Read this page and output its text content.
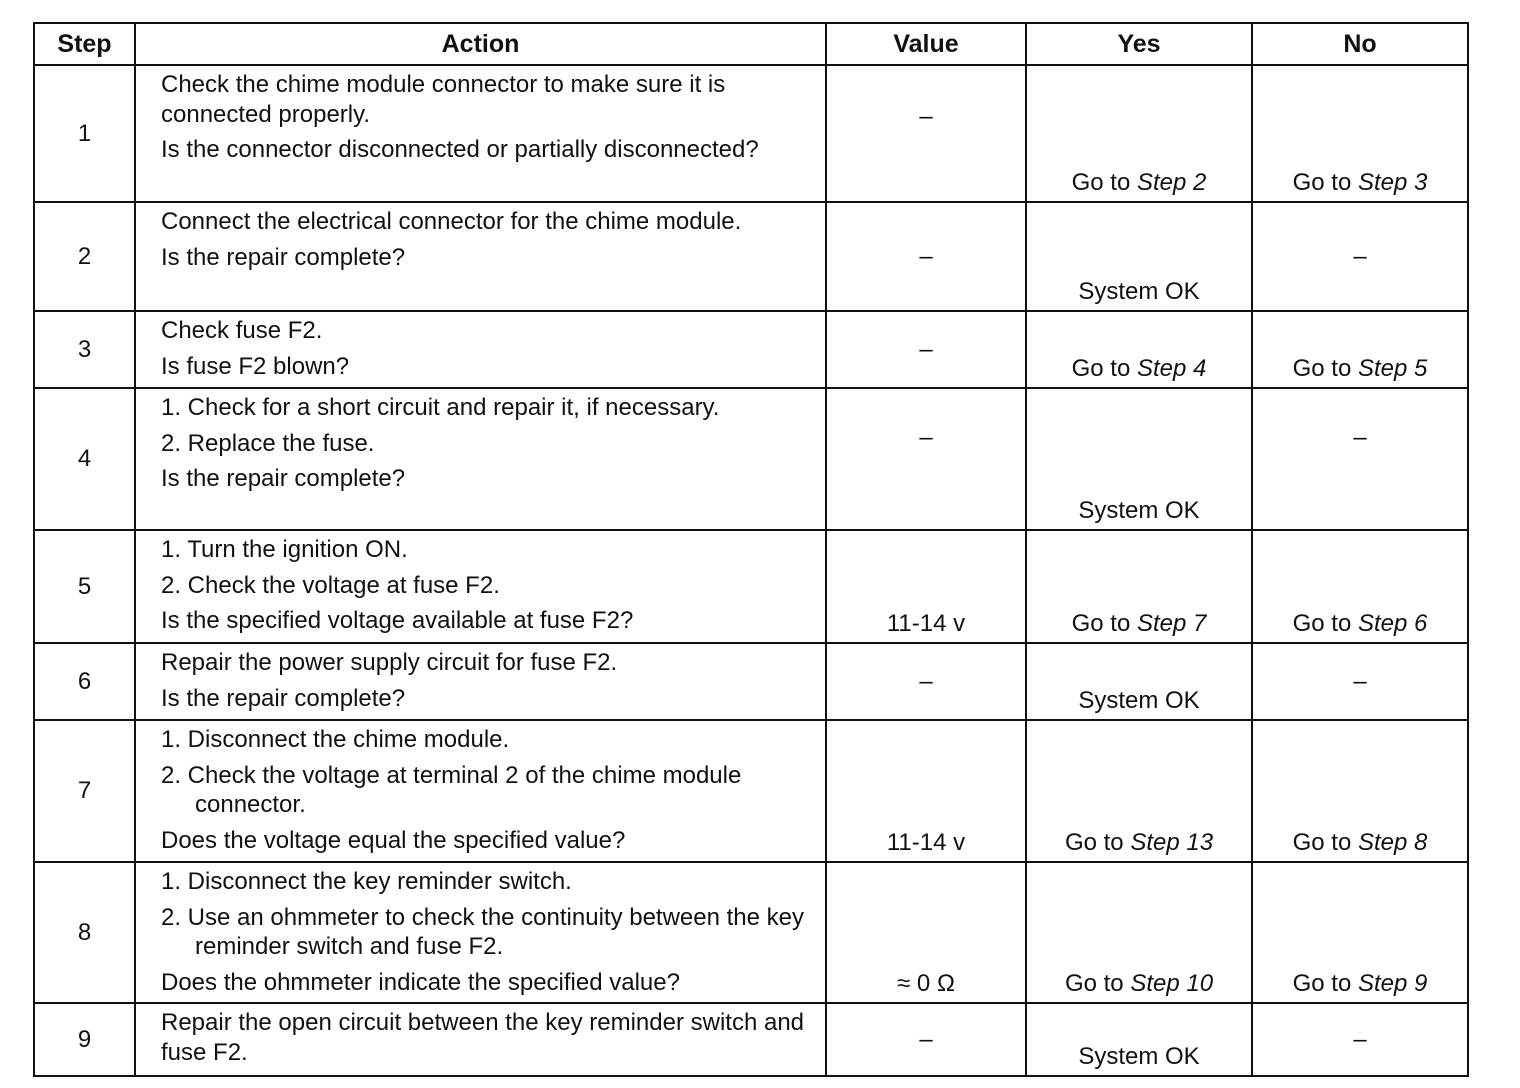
Step	Action	Value	Yes	No
1	Check the chime module connector to make sure it is connected properly.
Is the connector disconnected or partially disconnected?	–	Go to Step 2	Go to Step 3
2	Connect the electrical connector for the chime module.
Is the repair complete?	–	System OK	–
3	Check fuse F2.
Is fuse F2 blown?	–	Go to Step 4	Go to Step 5
4	1. Check for a short circuit and repair it, if necessary.
2. Replace the fuse.
Is the repair complete?	–	System OK	–
5	1. Turn the ignition ON.
2. Check the voltage at fuse F2.
Is the specified voltage available at fuse F2?	11-14 v	Go to Step 7	Go to Step 6
6	Repair the power supply circuit for fuse F2.
Is the repair complete?	–	System OK	–
7	1. Disconnect the chime module.
2. Check the voltage at terminal 2 of the chime module connector.
Does the voltage equal the specified value?	11-14 v	Go to Step 13	Go to Step 8
8	1. Disconnect the key reminder switch.
2. Use an ohmmeter to check the continuity between the key reminder switch and fuse F2.
Does the ohmmeter indicate the specified value?	≈ 0 Ω	Go to Step 10	Go to Step 9
9	Repair the open circuit between the key reminder switch and fuse F2.	–	System OK	–
